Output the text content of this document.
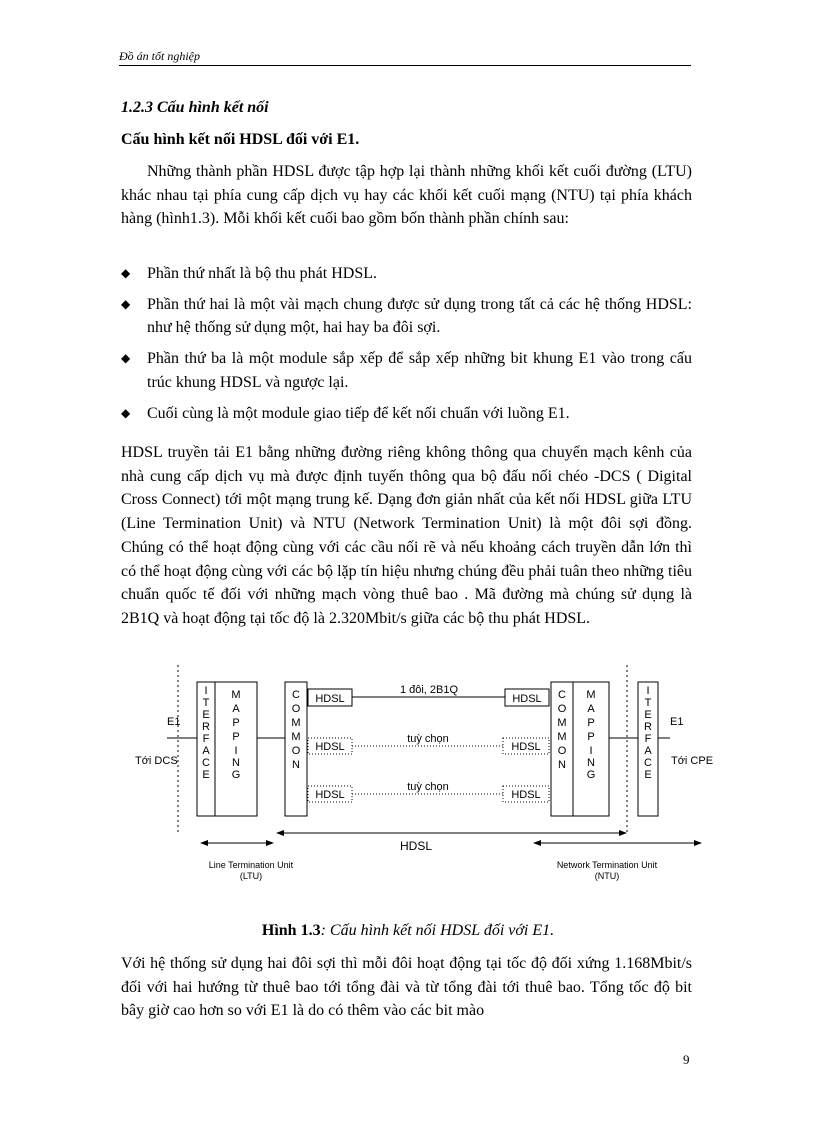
Đồ án tốt nghiệp
1.2.3 Cấu hình kết nối
Cấu hình kết nối HDSL đối với E1.
Những thành phần HDSL được tập hợp lại thành những khối kết cuối đường (LTU) khác nhau tại phía cung cấp dịch vụ hay các khối kết cuối mạng (NTU) tại phía khách hàng (hình1.3). Mỗi khối kết cuối bao gồm bốn thành phần chính sau:
◆ Phần thứ nhất là bộ thu phát HDSL.
◆ Phần thứ hai là một vài mạch chung được sử dụng trong tất cả các hệ thống HDSL: như hệ thống sử dụng một, hai hay ba đôi sợi.
◆ Phần thứ ba là một module sắp xếp để sắp xếp những bit khung E1 vào trong cấu trúc khung HDSL và ngược lại.
◆ Cuối cùng là một module giao tiếp để kết nối chuẩn với luồng E1.
HDSL truyền tải E1 bằng những đường riêng không thông qua chuyển mạch kênh của nhà cung cấp dịch vụ mà được định tuyến thông qua bộ đấu nối chéo -DCS ( Digital Cross Connect) tới một mạng trung kế. Dạng đơn giản nhất của kết nối HDSL giữa LTU (Line Termination Unit) và NTU (Network Termination Unit) là một đôi sợi đồng. Chúng có thể hoạt động cùng với các cầu nối rẽ và nếu khoảng cách truyền dẫn lớn thì có thể hoạt động cùng với các bộ lặp tín hiệu nhưng chúng đều phải tuân theo những tiêu chuẩn quốc tế đối với những mạch vòng thuê bao . Mã đường mà chúng sử dụng là 2B1Q và hoạt động tại tốc độ là 2.320Mbit/s giữa các bộ thu phát HDSL.
I
T
E
R
F
A
C
E
M
A
P
P
I
N
G
C
O
M
M
O
N
C
O
M
M
O
N
M
A
P
P
I
N
G
I
T
E
R
F
A
C
E
HDSL	HDSL
HDSL	HDSL
HDSL	HDSL
1 đôi, 2B1Q
tuỳ chọn
tuỳ chọn
E1	E1
Tới DCS	Tới CPE
HDSL
Line Termination Unit
(LTU)
Network Termination Unit
(NTU)
Hình 1.3: Cấu hình kết nối HDSL đối với E1.
Với hệ thống sử dụng hai đôi sợi thì mỗi đôi hoạt động tại tốc độ đối xứng 1.168Mbit/s đối với hai hướng từ thuê bao tới tổng đài và từ tổng đài tới thuê bao. Tổng tốc độ bit bây giờ cao hơn so với E1 là do có thêm vào các bit mào
9
